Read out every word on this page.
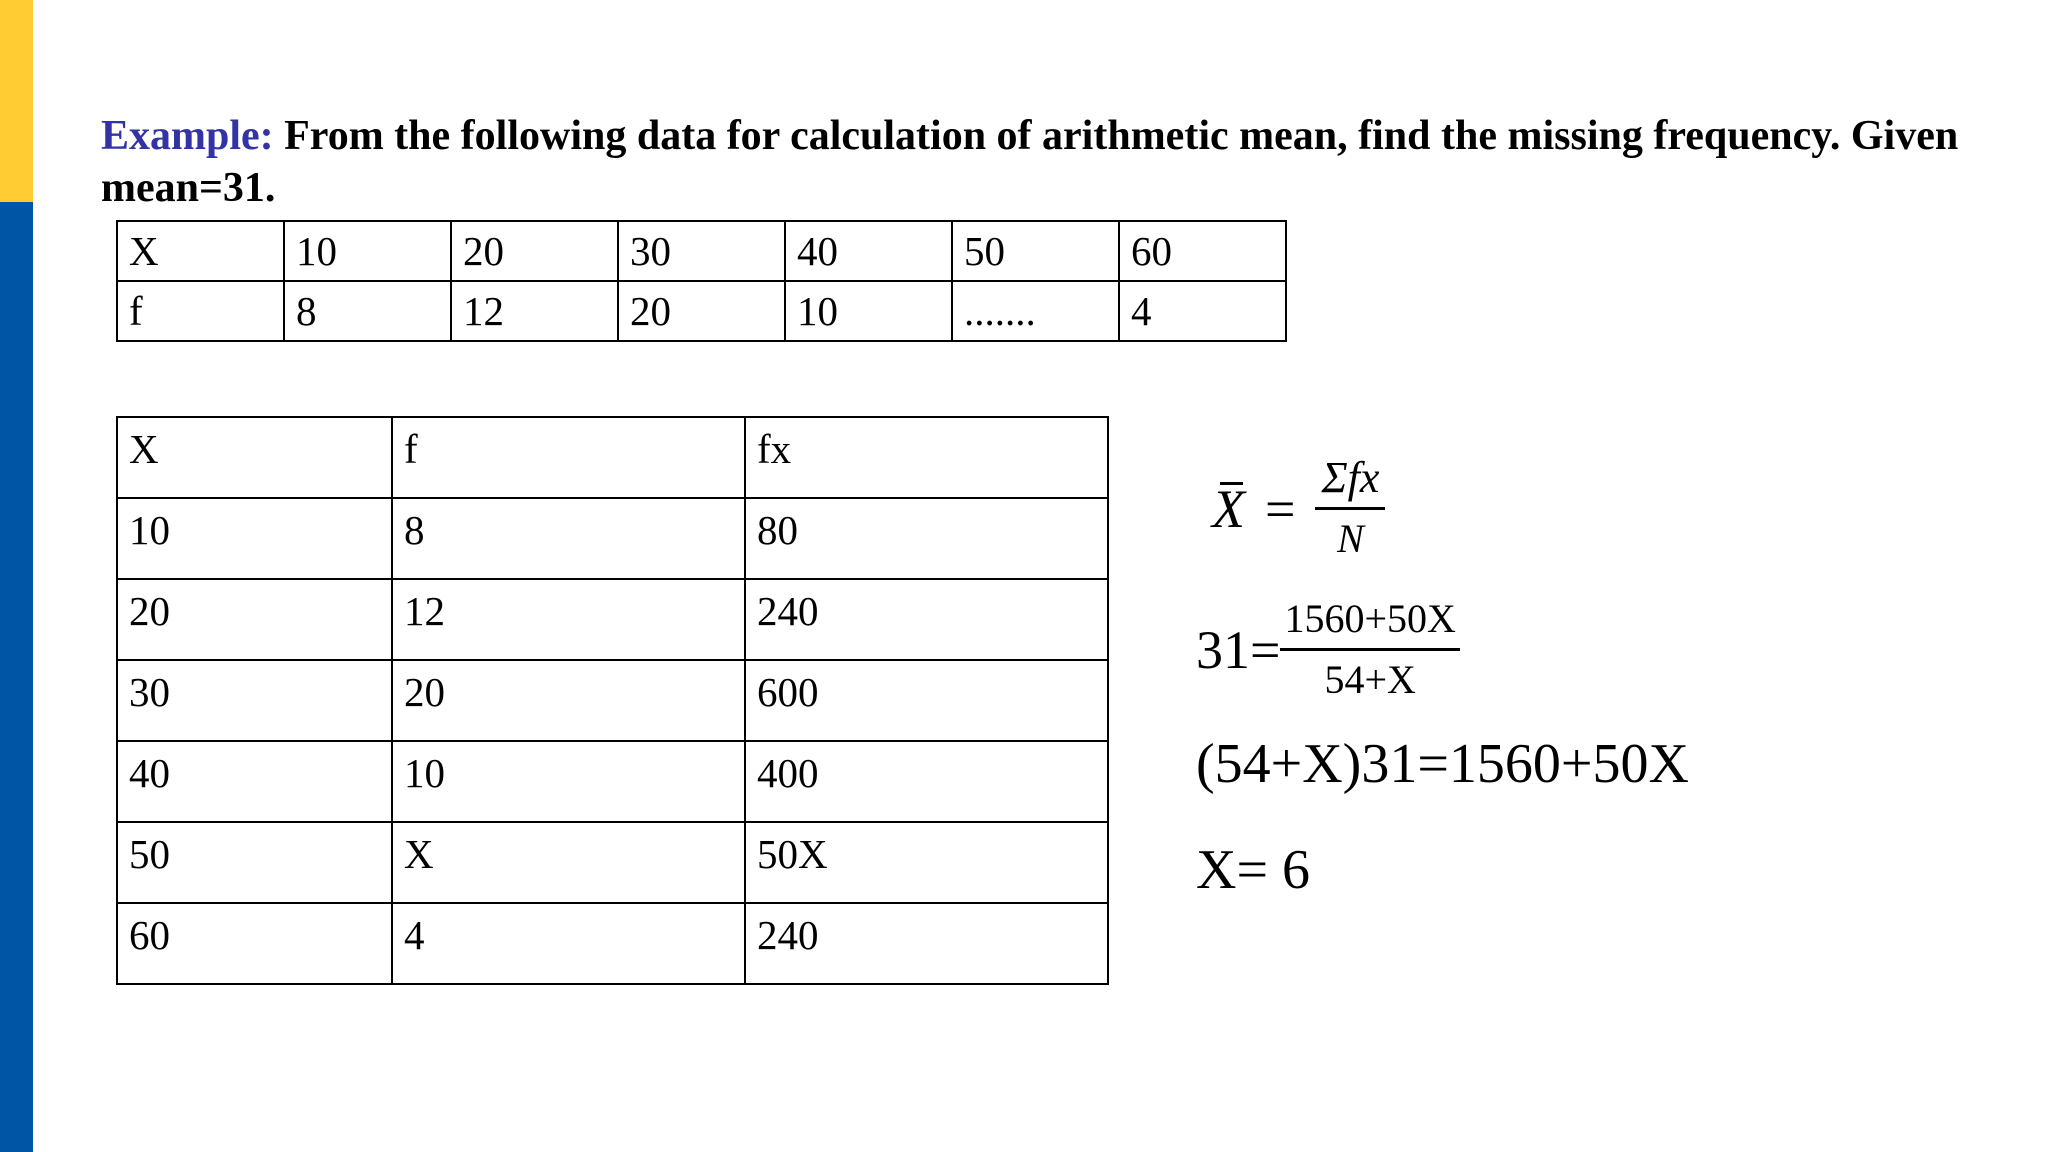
Example: From the following data for calculation of arithmetic mean, find the missing frequency. Given mean=31.
X	10	20	30	40	50	60
f	8	12	20	10	.......	4
X	f	fx
10	8	80
20	12	240
30	20	600
40	10	400
50	X	50X
60	4	240
$X = \frac{\text{Σfx}}{N}$
$31= \frac{1560+50X}{54+X}$
(54+X)31=1560+50X
X= 6
